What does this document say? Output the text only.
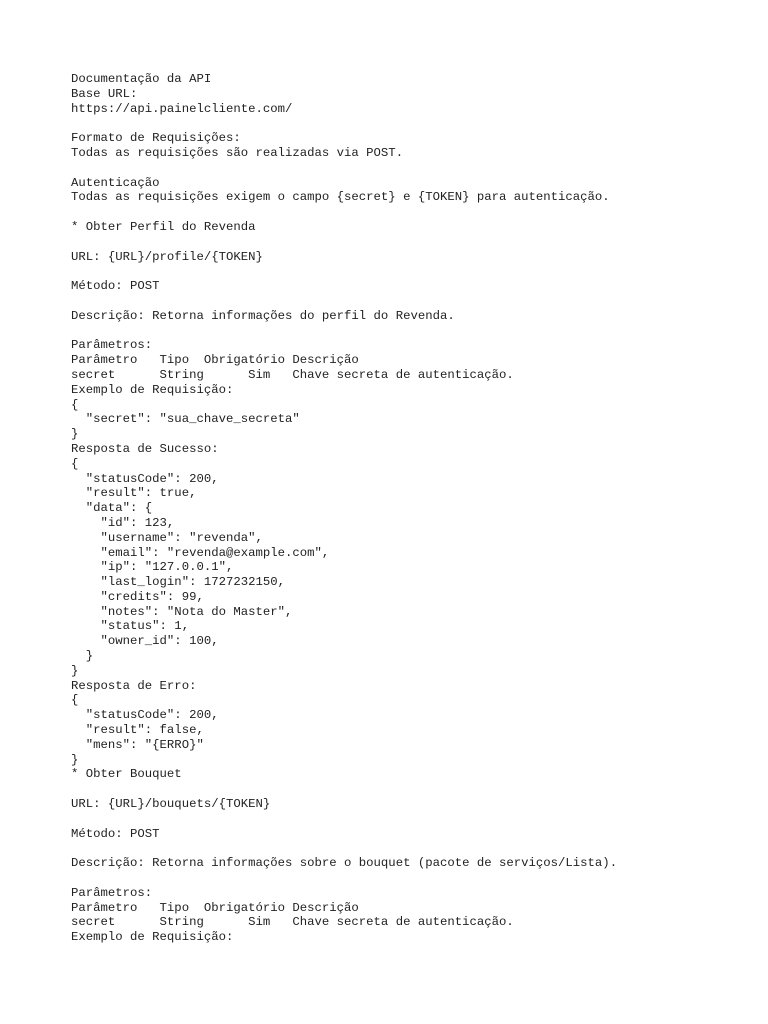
Documentação da API
Base URL:
https://api.painelcliente.com/
Formato de Requisições:
Todas as requisições são realizadas via POST.
Autenticação
Todas as requisições exigem o campo {secret} e {TOKEN} para autenticação.
* Obter Perfil do Revenda
URL: {URL}/profile/{TOKEN}
Método: POST
Descrição: Retorna informações do perfil do Revenda.
Parâmetros:
Parâmetro   Tipo  Obrigatório Descrição
secret      String      Sim   Chave secreta de autenticação.
Exemplo de Requisição:
{
"secret": "sua_chave_secreta"
}
Resposta de Sucesso:
{
"statusCode": 200,
"result": true,
"data": {
"id": 123,
"username": "revenda",
"email": "revenda@example.com",
"ip": "127.0.0.1",
"last_login": 1727232150,
"credits": 99,
"notes": "Nota do Master",
"status": 1,
"owner_id": 100,
}
}
Resposta de Erro:
{
"statusCode": 200,
"result": false,
"mens": "{ERRO}"
}
* Obter Bouquet
URL: {URL}/bouquets/{TOKEN}
Método: POST
Descrição: Retorna informações sobre o bouquet (pacote de serviços/Lista).
Parâmetros:
Parâmetro   Tipo  Obrigatório Descrição
secret      String      Sim   Chave secreta de autenticação.
Exemplo de Requisição:
